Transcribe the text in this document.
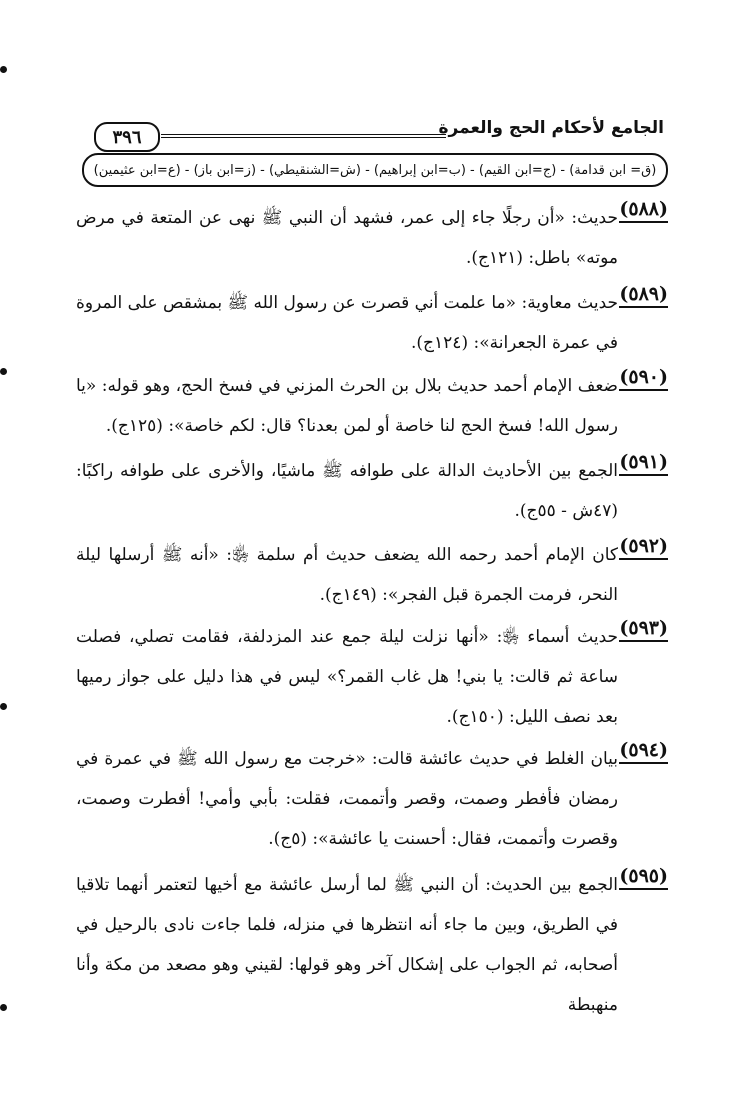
٣٩٦	الجامع لأحكام الحج والعمرة
(ق= ابن قدامة) - (ج=ابن القيم) - (ب=ابن إبراهيم) - (ش=الشنقيطي) - (ز=ابن باز) - (ع=ابن عثيمين)
(٥٨٨)
حديث: «أن رجلًا جاء إلى عمر، فشهد أن النبي ﷺ نهى عن المتعة في مرض موته» باطل: (١٢١ج).
(٥٨٩)
حديث معاوية: «ما علمت أني قصرت عن رسول الله ﷺ بمشقص على المروة في عمرة الجعرانة»: (١٢٤ج).
(٥٩٠)
ضعف الإمام أحمد حديث بلال بن الحرث المزني في فسخ الحج، وهو قوله: «يا رسول الله! فسخ الحج لنا خاصة أو لمن بعدنا؟ قال: لكم خاصة»: (١٢٥ج).
(٥٩١)
الجمع بين الأحاديث الدالة على طوافه ﷺ ماشيًا، والأخرى على طوافه راكبًا: (٤٧ش - ٥٥ج).
(٥٩٢)
كان الإمام أحمد رحمه الله يضعف حديث أم سلمة ﵂: «أنه ﷺ أرسلها ليلة النحر، فرمت الجمرة قبل الفجر»: (١٤٩ج).
(٥٩٣)
حديث أسماء ﵂: «أنها نزلت ليلة جمع عند المزدلفة، فقامت تصلي، فصلت ساعة ثم قالت: يا بني! هل غاب القمر؟» ليس في هذا دليل على جواز رميها بعد نصف الليل: (١٥٠ج).
(٥٩٤)
بيان الغلط في حديث عائشة قالت: «خرجت مع رسول الله ﷺ في عمرة في رمضان فأفطر وصمت، وقصر وأتممت، فقلت: بأبي وأمي! أفطرت وصمت، وقصرت وأتممت، فقال: أحسنت يا عائشة»: (٥ج).
(٥٩٥)
الجمع بين الحديث: أن النبي ﷺ لما أرسل عائشة مع أخيها لتعتمر أنهما تلاقيا في الطريق، وبين ما جاء أنه انتظرها في منزله، فلما جاءت نادى بالرحيل في أصحابه، ثم الجواب على إشكال آخر وهو قولها: لقيني وهو مصعد من مكة وأنا منهبطة
